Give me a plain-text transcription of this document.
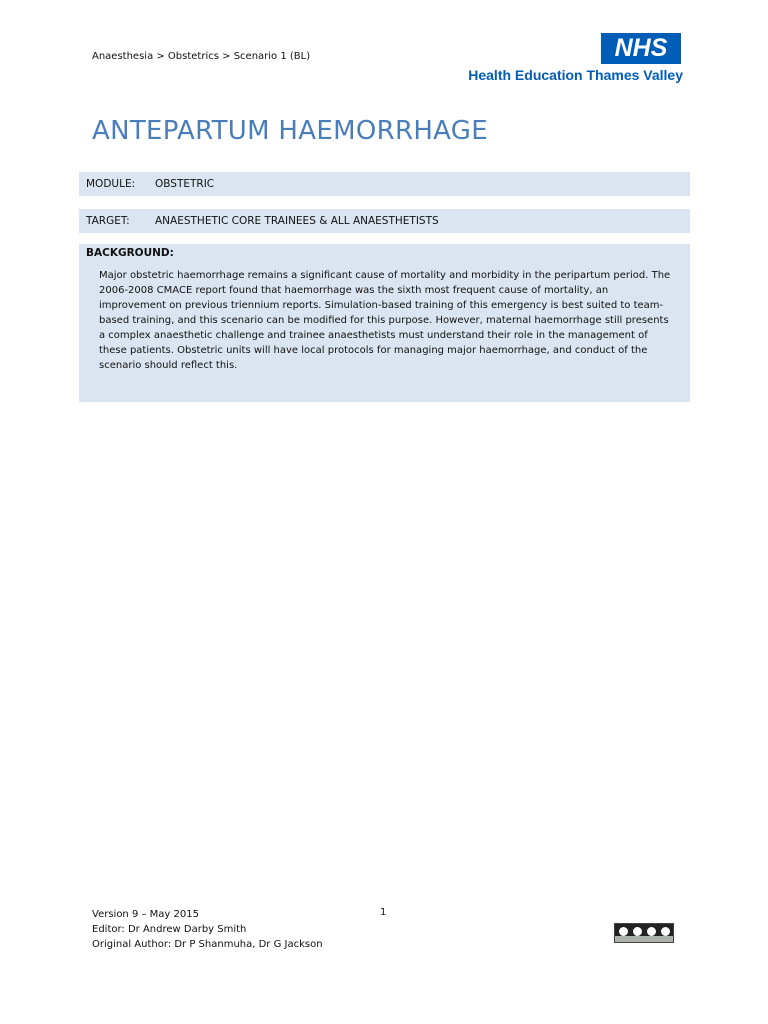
Anaesthesia > Obstetrics > Scenario 1 (BL)	NHS
Health Education Thames Valley
ANTEPARTUM HAEMORRHAGE
MODULE: OBSTETRIC
TARGET: ANAESTHETIC CORE TRAINEES & ALL ANAESTHETISTS
BACKGROUND:
Major obstetric haemorrhage remains a significant cause of mortality and morbidity in the peripartum period. The 2006-2008 CMACE report found that haemorrhage was the sixth most frequent cause of mortality, an improvement on previous triennium reports. Simulation-based training of this emergency is best suited to team-based training, and this scenario can be modified for this purpose. However, maternal haemorrhage still presents a complex anaesthetic challenge and trainee anaesthetists must understand their role in the management of these patients. Obstetric units will have local protocols for managing major haemorrhage, and conduct of the scenario should reflect this.
Version 9 – May 2015
Editor: Dr Andrew Darby Smith
Original Author: Dr P Shanmuha, Dr G Jackson
1
